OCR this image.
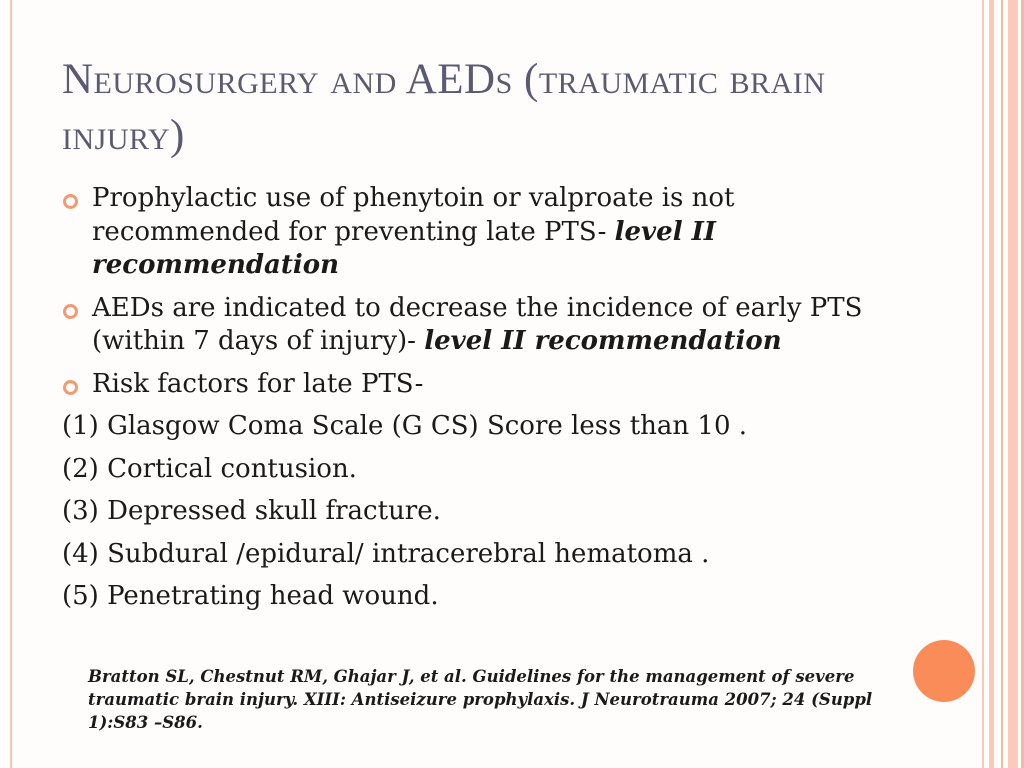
Neurosurgery and AEDs (traumatic brain injury)
Prophylactic use of phenytoin or valproate is not recommended for preventing late PTS- level II recommendation
AEDs are indicated to decrease the incidence of early PTS (within 7 days of injury)- level II recommendation
Risk factors for late PTS-
(1) Glasgow Coma Scale (G CS) Score less than 10 .
(2) Cortical contusion.
(3) Depressed skull fracture.
(4) Subdural /epidural/ intracerebral hematoma .
(5) Penetrating head wound.

Bratton SL, Chestnut RM, Ghajar J, et al. Guidelines for the management of severe traumatic brain injury. XIII: Antiseizure prophylaxis. J Neurotrauma 2007; 24 (Suppl 1):S83 –S86.
